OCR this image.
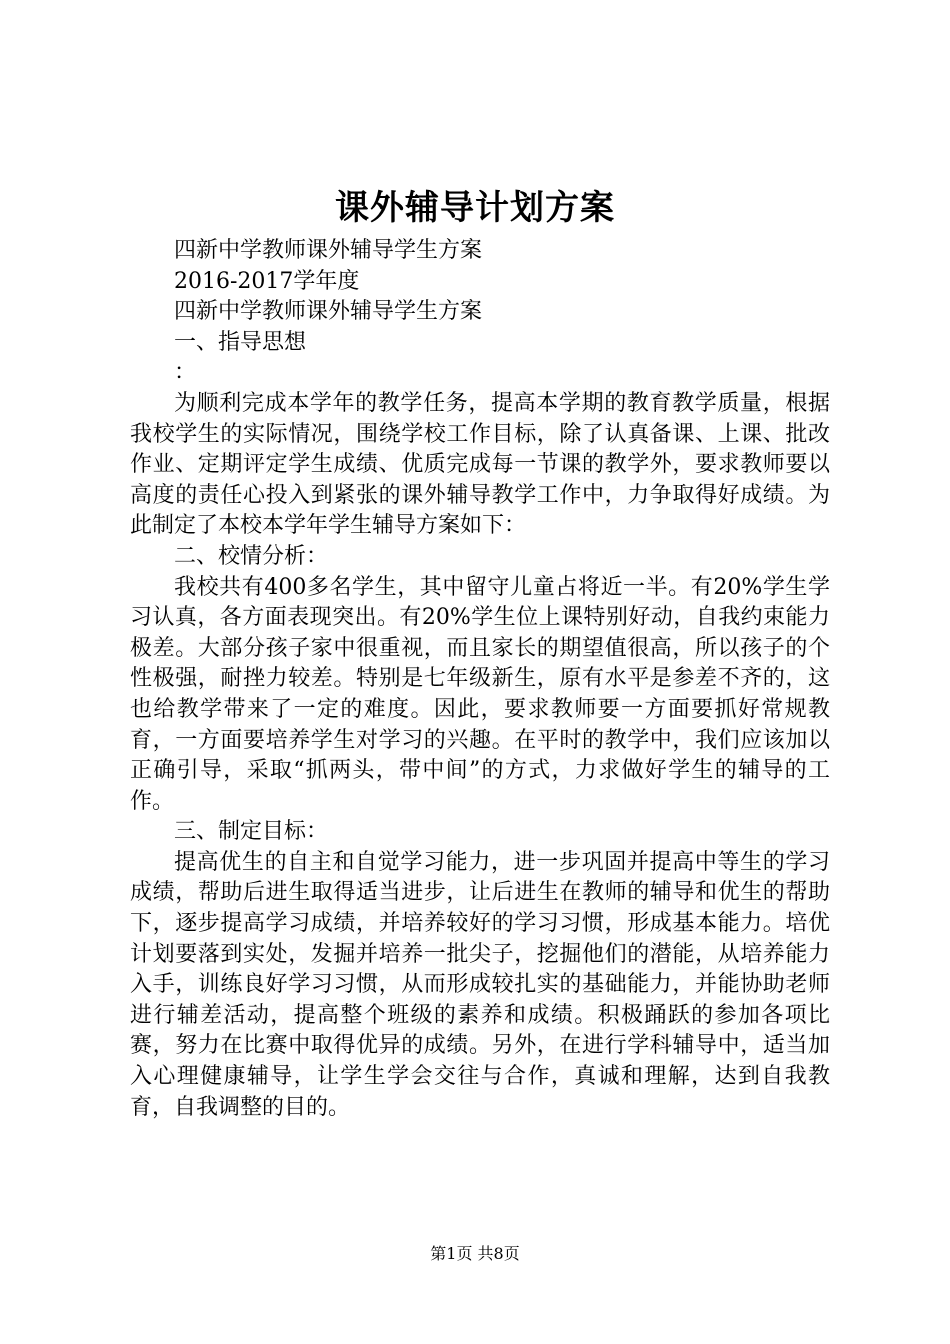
课外辅导计划方案

四新中学教师课外辅导学生方案

2016-2017学年度

四新中学教师课外辅导学生方案

一、指导思想

：

为顺利完成本学年的教学任务，提高本学期的教育教学质量，根据我校学生的实际情况，围绕学校工作目标，除了认真备课、上课、批改作业、定期评定学生成绩、优质完成每一节课的教学外，要求教师要以高度的责任心投入到紧张的课外辅导教学工作中，力争取得好成绩。为此制定了本校本学年学生辅导方案如下：

二、校情分析：

我校共有400多名学生，其中留守儿童占将近一半。有20%学生学习认真，各方面表现突出。有20%学生位上课特别好动，自我约束能力极差。大部分孩子家中很重视，而且家长的期望值很高，所以孩子的个性极强，耐挫力较差。特别是七年级新生，原有水平是参差不齐的，这也给教学带来了一定的难度。因此，要求教师要一方面要抓好常规教育，一方面要培养学生对学习的兴趣。在平时的教学中，我们应该加以正确引导，采取“抓两头，带中间”的方式，力求做好学生的辅导的工作。

三、制定目标：

提高优生的自主和自觉学习能力，进一步巩固并提高中等生的学习成绩，帮助后进生取得适当进步，让后进生在教师的辅导和优生的帮助下，逐步提高学习成绩，并培养较好的学习习惯，形成基本能力。培优计划要落到实处，发掘并培养一批尖子，挖掘他们的潜能，从培养能力入手，训练良好学习习惯，从而形成较扎实的基础能力，并能协助老师进行辅差活动，提高整个班级的素养和成绩。积极踊跃的参加各项比赛，努力在比赛中取得优异的成绩。另外，在进行学科辅导中，适当加入心理健康辅导，让学生学会交往与合作，真诚和理解，达到自我教育，自我调整的目的。

第1页 共8页
